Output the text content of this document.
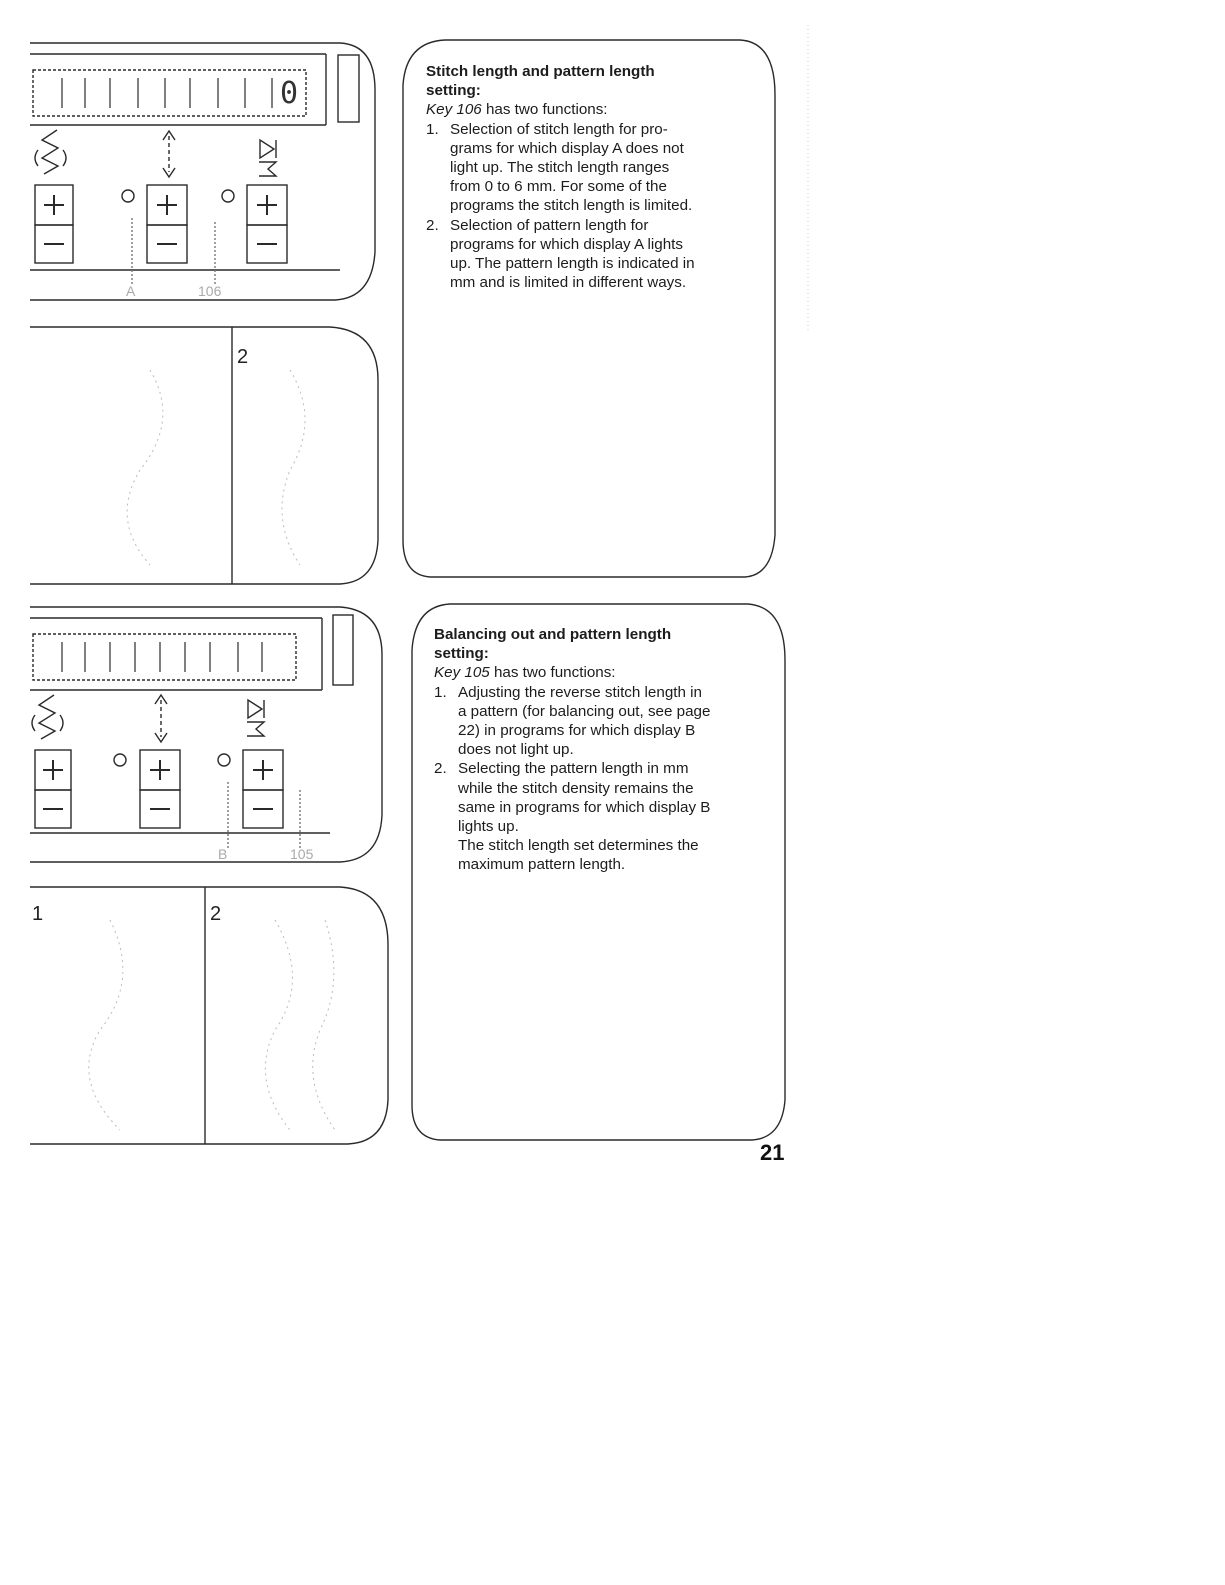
0
A	106
B	105
2
1	2

Stitch length and pattern length
setting:

Key 106 has two functions:

1. Selection of stitch length for pro-
grams for which display A does not
light up. The stitch length ranges
from 0 to 6 mm. For some of the
programs the stitch length is limited.

2. Selection of pattern length for
programs for which display A lights
up. The pattern length is indicated in
mm and is limited in different ways.

Balancing out and pattern length
setting:

Key 105 has two functions:

1. Adjusting the reverse stitch length in
a pattern (for balancing out, see page
22) in programs for which display B
does not light up.

2. Selecting the pattern length in mm
while the stitch density remains the
same in programs for which display B
lights up.
The stitch length set determines the
maximum pattern length.

21
